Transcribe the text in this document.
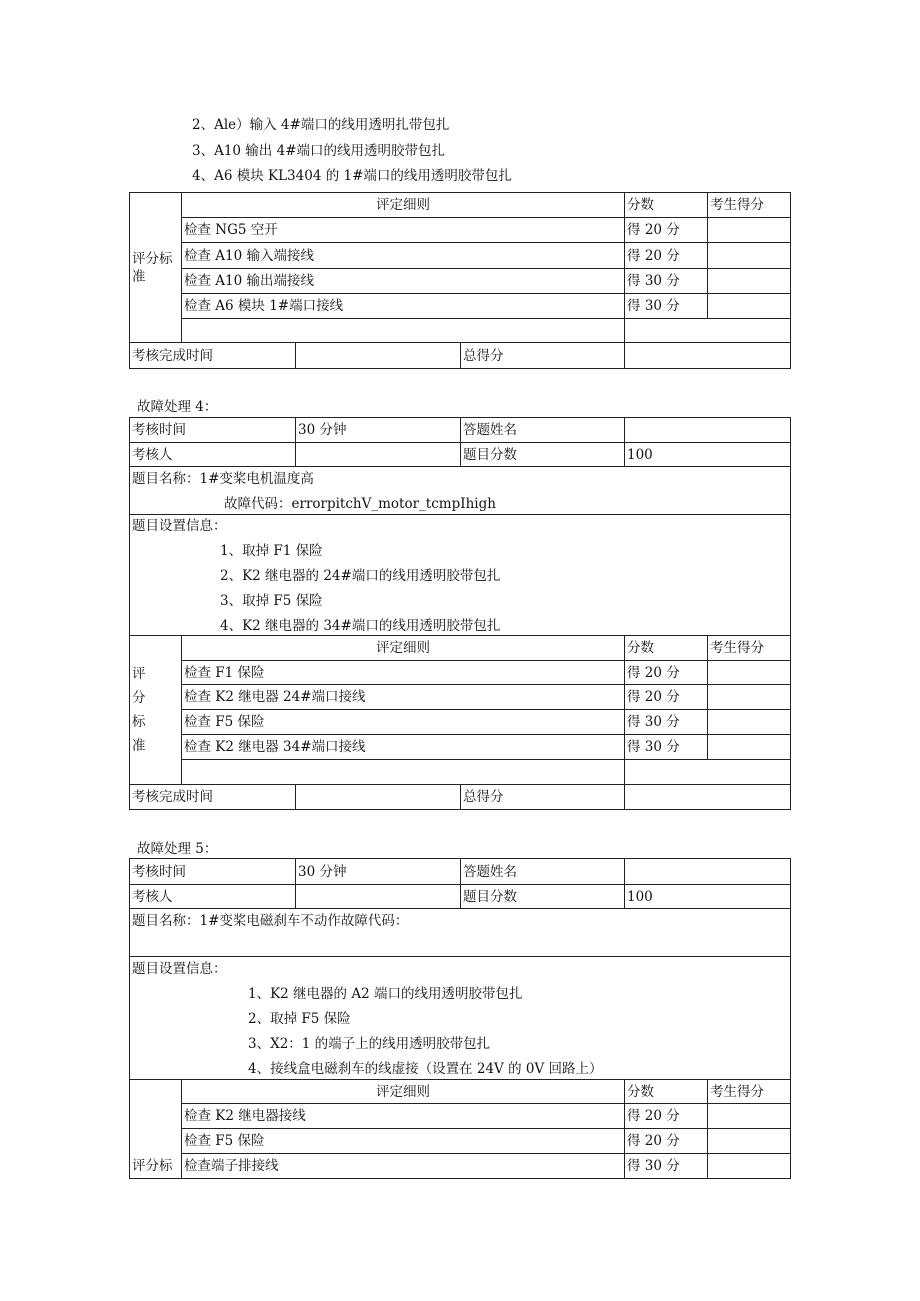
2、Ale）输入 4#端口的线用透明扎带包扎
3、A10 输出 4#端口的线用透明胶带包扎
4、A6 模块 KL3404 的 1#端口的线用透明胶带包扎
评分标
准	评定细则			分数	考生得分
	检查 NG5 空开			得 20 分	
	检查 A10 输入端接线			得 20 分	
	检查 A10 输出端接线			得 30 分	
	检查 A6 模块 1#端口接线			得 30 分	

考核完成时间			总得分		
故障处理 4：
考核时间		30 分钟	答题姓名		
考核人			题目分数	100	

题目名称：1#变桨电机温度高
故障代码：errorpitchV_motor_tcmpIhigh					

题目设置信息：
1、取掉 F1 保险
2、K2 继电器的 24#端口的线用透明胶带包扎
3、取掉 F5 保险
4、K2 继电器的 34#端口的线用透明胶带包扎					

评
分
标
准	评定细则			分数	考生得分
	检查 F1 保险			得 20 分	
	检查 K2 继电器 24#端口接线			得 20 分	
	检查 F5 保险			得 30 分	
	检查 K2 继电器 34#端口接线			得 30 分	

考核完成时间			总得分		
故障处理 5：
考核时间		30 分钟	答题姓名		
考核人			题目分数	100	

题目名称：1#变桨电磁刹车不动作故障代码：					

题目设置信息：
1、K2 继电器的 A2 端口的线用透明胶带包扎
2、取掉 F5 保险
3、X2：1 的端子上的线用透明胶带包扎
4、接线盒电磁刹车的线虚接（设置在 24V 的 0V 回路上）					

评分标	评定细则			分数	考生得分
	检查 K2 继电器接线			得 20 分	
	检查 F5 保险			得 20 分	
	检查端子排接线			得 30 分	
